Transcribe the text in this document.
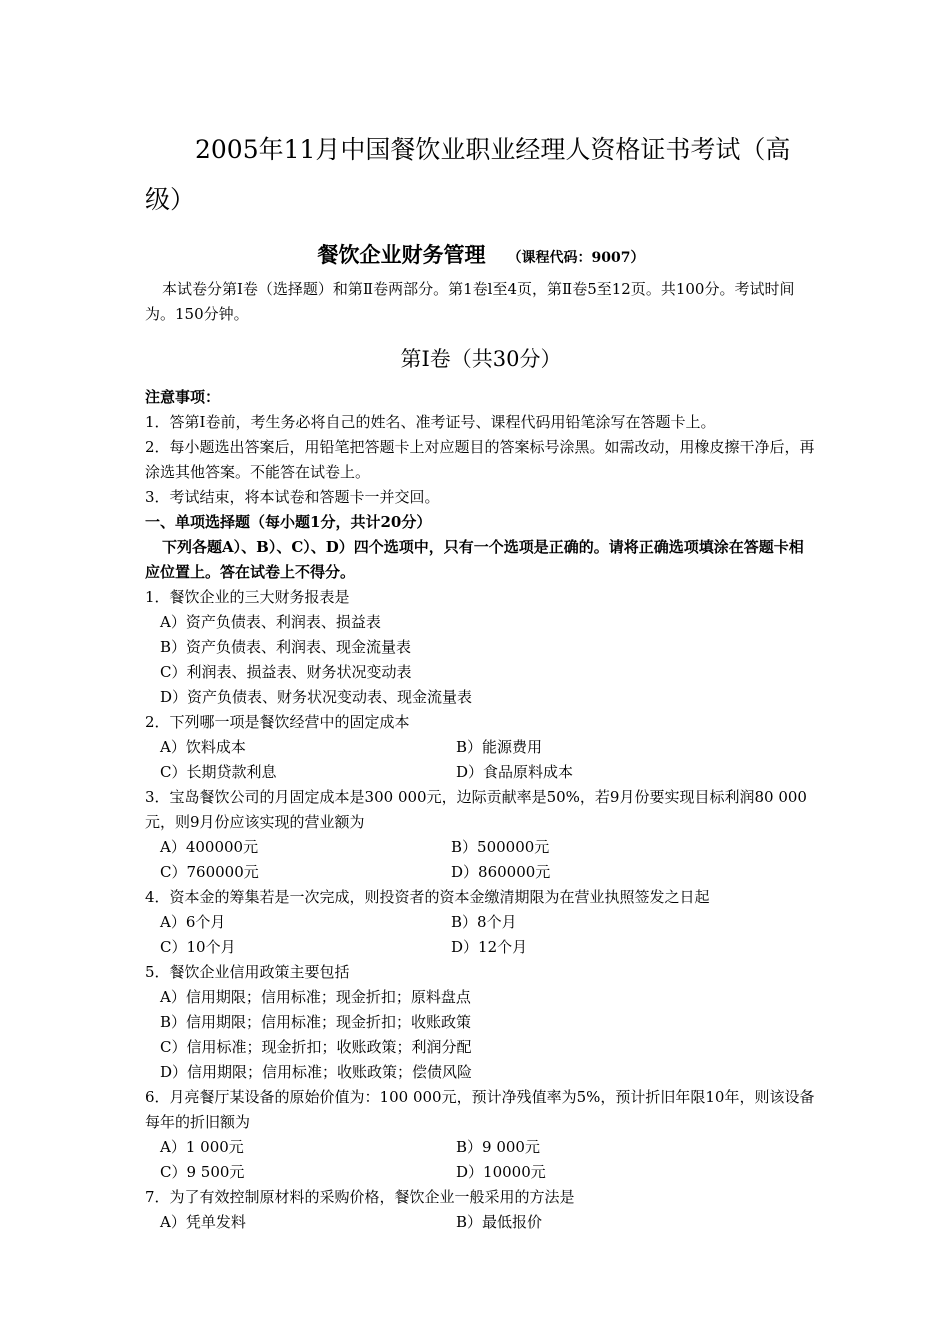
2005年11月中国餐饮业职业经理人资格证书考试（高级）
餐饮企业财务管理 （课程代码：9007）
本试卷分第Ⅰ卷（选择题）和第Ⅱ卷两部分。第1卷l至4页，第Ⅱ卷5至12页。共100分。考试时间为。150分钟。
第Ⅰ卷（共30分）
注意事项：
1．答第Ⅰ卷前，考生务必将自己的姓名、准考证号、课程代码用铅笔涂写在答题卡上。
2．每小题选出答案后，用铅笔把答题卡上对应题目的答案标号涂黑。如需改动，用橡皮擦干净后，再涂选其他答案。不能答在试卷上。
3．考试结束，将本试卷和答题卡一并交回。
一、单项选择题（每小题1分，共计20分）
下列各题A）、B）、C）、D）四个选项中，只有一个选项是正确的。请将正确选项填涂在答题卡相应位置上。答在试卷上不得分。
1．餐饮企业的三大财务报表是
A）资产负债表、利润表、损益表
B）资产负债表、利润表、现金流量表
C）利润表、损益表、财务状况变动表
D）资产负债表、财务状况变动表、现金流量表
2．下列哪一项是餐饮经营中的固定成本
A）饮料成本	B）能源费用
C）长期贷款利息	D）食品原料成本
3．宝岛餐饮公司的月固定成本是300 000元，边际贡献率是50%，若9月份要实现目标利润80 000元，则9月份应该实现的营业额为
A）400000元	B）500000元
C）760000元	D）860000元
4．资本金的筹集若是一次完成，则投资者的资本金缴清期限为在营业执照签发之日起
A）6个月	B）8个月
C）10个月	D）12个月
5．餐饮企业信用政策主要包括
A）信用期限；信用标准；现金折扣；原料盘点
B）信用期限；信用标准；现金折扣；收账政策
C）信用标准；现金折扣；收账政策；利润分配
D）信用期限；信用标准；收账政策；偿债风险
6．月亮餐厅某设备的原始价值为：100 000元，预计净残值率为5%，预计折旧年限10年，则该设备每年的折旧额为
A）1 000元	B）9 000元
C）9 500元	D）10000元
7．为了有效控制原材料的采购价格，餐饮企业一般采用的方法是
A）凭单发料	B）最低报价
